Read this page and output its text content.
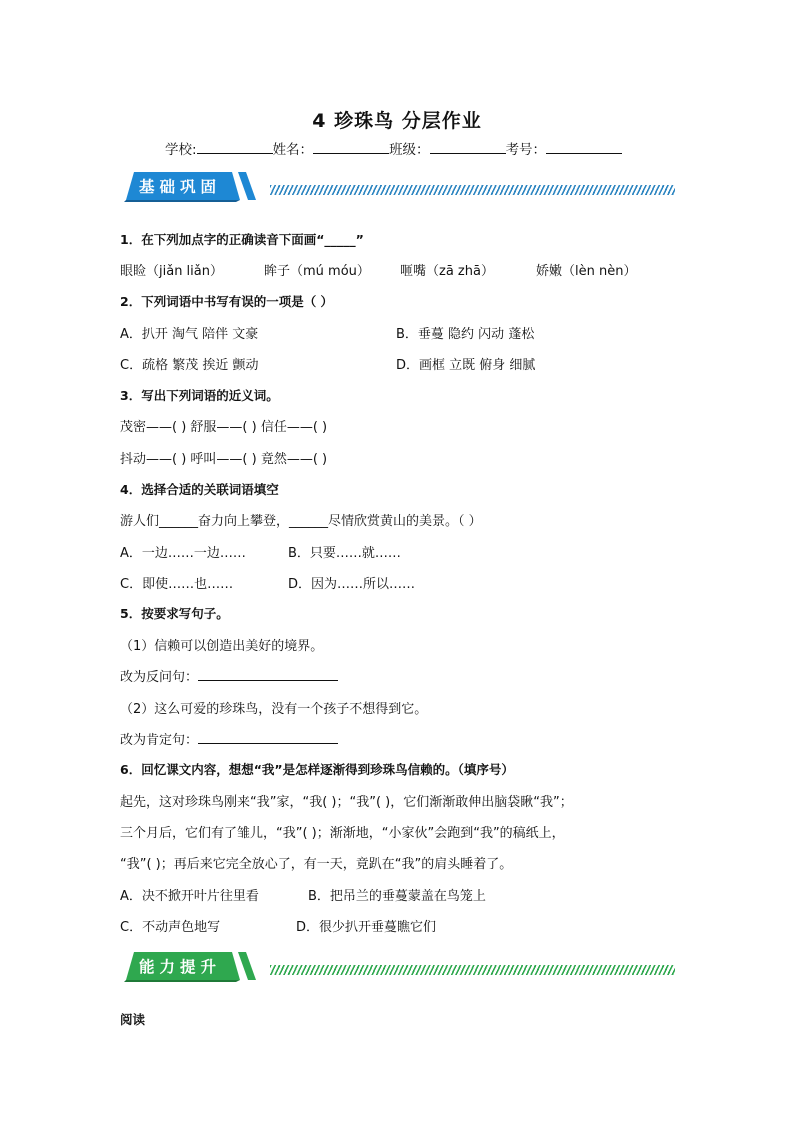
4 珍珠鸟 分层作业
学校:	姓名：	班级：	考号：
基础巩固
1．在下列加点字的正确读音下面画“_____”
眼睑（jiǎn liǎn）	眸子（mú móu） 咂嘴（zā zhā）	娇嫩（lèn nèn）
2．下列词语中书写有误的一项是（ ）
A．扒开 淘气 陪伴 文豪	B．垂蔓 隐约 闪动 蓬松
C．疏格 繁茂 挨近 颤动	D．画框 立既 俯身 细腻
3．写出下列词语的近义词。
茂密——( ) 舒服——( ) 信任——( )
抖动——( ) 呼叫——( ) 竟然——( )
4．选择合适的关联词语填空
游人们______奋力向上攀登，______尽情欣赏黄山的美景。（ ）
A．一边……一边……	B．只要……就……
C．即使……也……	D．因为……所以……
5．按要求写句子。
（1）信赖可以创造出美好的境界。
改为反问句：
（2）这么可爱的珍珠鸟，没有一个孩子不想得到它。
改为肯定句：
6．回忆课文内容，想想“我”是怎样逐渐得到珍珠鸟信赖的。（填序号）
起先，这对珍珠鸟刚来“我”家，“我( )；“我”( )，它们渐渐敢伸出脑袋瞅“我”；
三个月后，它们有了雏儿，“我”( )；渐渐地，“小家伙”会跑到“我”的稿纸上，
“我”( )；再后来它完全放心了，有一天，竟趴在“我”的肩头睡着了。
A．决不掀开叶片往里看	B．把吊兰的垂蔓蒙盖在鸟笼上
C．不动声色地写	D．很少扒开垂蔓瞧它们
能力提升
阅读
